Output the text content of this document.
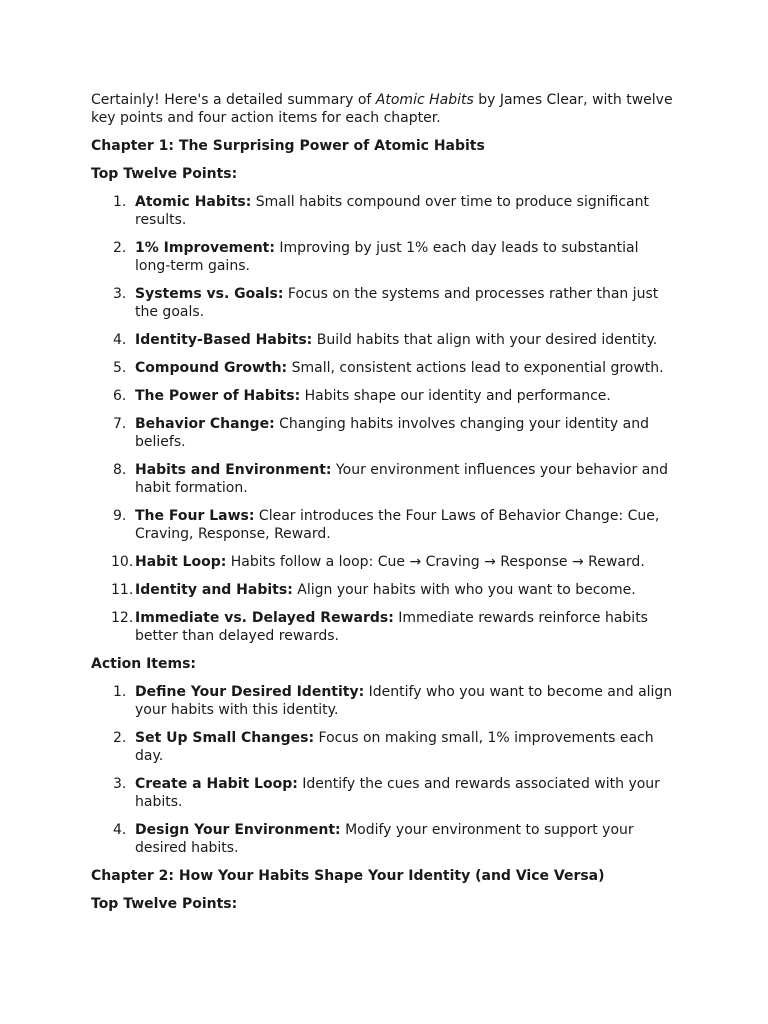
Certainly! Here's a detailed summary of Atomic Habits by James Clear, with twelve key points and four action items for each chapter.

Chapter 1: The Surprising Power of Atomic Habits

Top Twelve Points:

1. Atomic Habits: Small habits compound over time to produce significant results.
2. 1% Improvement: Improving by just 1% each day leads to substantial long-term gains.
3. Systems vs. Goals: Focus on the systems and processes rather than just the goals.
4. Identity-Based Habits: Build habits that align with your desired identity.
5. Compound Growth: Small, consistent actions lead to exponential growth.
6. The Power of Habits: Habits shape our identity and performance.
7. Behavior Change: Changing habits involves changing your identity and beliefs.
8. Habits and Environment: Your environment influences your behavior and habit formation.
9. The Four Laws: Clear introduces the Four Laws of Behavior Change: Cue, Craving, Response, Reward.
10. Habit Loop: Habits follow a loop: Cue → Craving → Response → Reward.
11. Identity and Habits: Align your habits with who you want to become.
12. Immediate vs. Delayed Rewards: Immediate rewards reinforce habits better than delayed rewards.

Action Items:

1. Define Your Desired Identity: Identify who you want to become and align your habits with this identity.
2. Set Up Small Changes: Focus on making small, 1% improvements each day.
3. Create a Habit Loop: Identify the cues and rewards associated with your habits.
4. Design Your Environment: Modify your environment to support your desired habits.

Chapter 2: How Your Habits Shape Your Identity (and Vice Versa)

Top Twelve Points:
